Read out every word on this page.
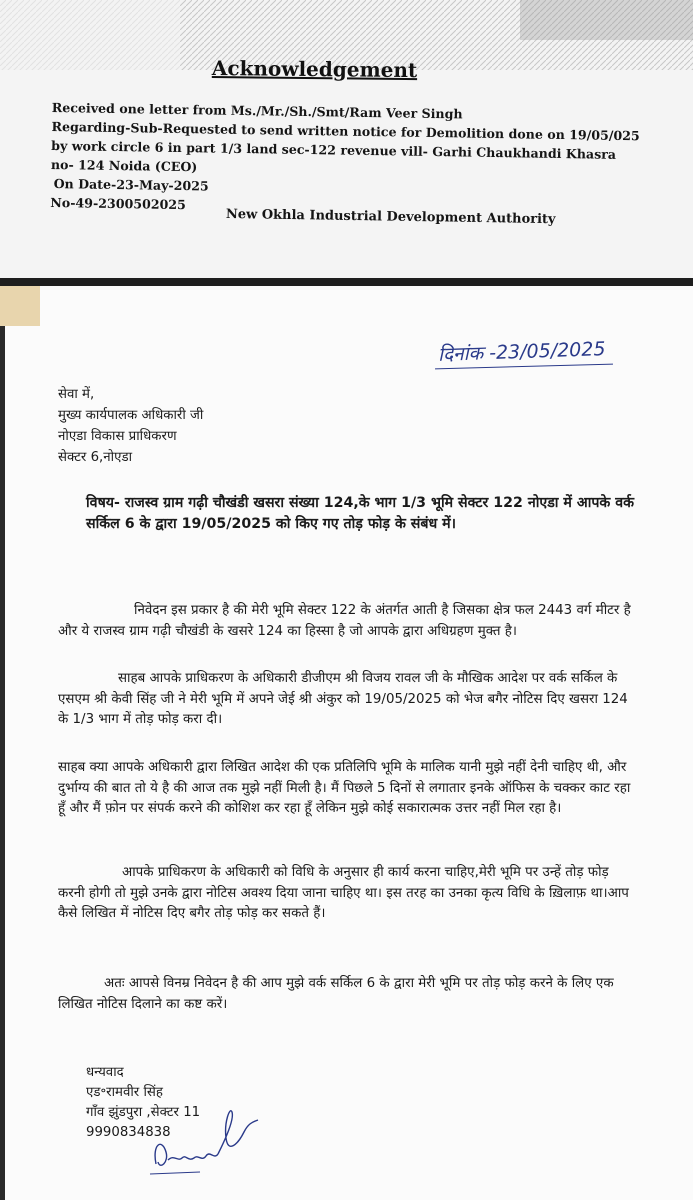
Acknowledgement
Received one letter from Ms./Mr./Sh./Smt/Ram Veer Singh
Regarding-Sub-Requested to send written notice for Demolition done on 19/05/025
by work circle 6 in part 1/3 land sec-122 revenue vill- Garhi Chaukhandi Khasra
no- 124 Noida (CEO)
On Date-23-May-2025
No-49-2300502025
New Okhla Industrial Development Authority
दिनांक -23/05/2025
सेवा में,
मुख्य कार्यपालक अधिकारी जी
नोएडा विकास प्राधिकरण
सेक्टर 6,नोएडा
विषय- राजस्व ग्राम गढ़ी चौखंडी खसरा संख्या 124,के भाग 1/3 भूमि सेक्टर 122 नोएडा में आपके वर्क सर्किल 6 के द्वारा 19/05/2025 को किए गए तोड़ फोड़ के संबंध में।
निवेदन इस प्रकार है की मेरी भूमि सेक्टर 122 के अंतर्गत आती है जिसका क्षेत्र फल 2443 वर्ग मीटर है और ये राजस्व ग्राम गढ़ी चौखंडी के खसरे 124 का हिस्सा है जो आपके द्वारा अधिग्रहण मुक्त है।
साहब आपके प्राधिकरण के अधिकारी डीजीएम श्री विजय रावल जी के मौखिक आदेश पर वर्क सर्किल के एसएम श्री केवी सिंह जी ने मेरी भूमि में अपने जेई श्री अंकुर को 19/05/2025 को भेज बगैर नोटिस दिए खसरा 124 के 1/3 भाग में तोड़ फोड़ करा दी।
साहब क्या आपके अधिकारी द्वारा लिखित आदेश की एक प्रतिलिपि भूमि के मालिक यानी मुझे नहीं देनी चाहिए थी, और दुर्भाग्य की बात तो ये है की आज तक मुझे नहीं मिली है। मैं पिछले 5 दिनों से लगातार इनके ऑफिस के चक्कर काट रहा हूँ और मैं फ़ोन पर संपर्क करने की कोशिश कर रहा हूँ लेकिन मुझे कोई सकारात्मक उत्तर नहीं मिल रहा है।
आपके प्राधिकरण के अधिकारी को विधि के अनुसार ही कार्य करना चाहिए,मेरी भूमि पर उन्हें तोड़ फोड़ करनी होगी तो मुझे उनके द्वारा नोटिस अवश्य दिया जाना चाहिए था। इस तरह का उनका कृत्य विधि के ख़िलाफ़ था।आप कैसे लिखित में नोटिस दिए बगैर तोड़ फोड़ कर सकते हैं।
अतः आपसे विनम्र निवेदन है की आप मुझे वर्क सर्किल 6 के द्वारा मेरी भूमि पर तोड़ फोड़ करने के लिए एक लिखित नोटिस दिलाने का कष्ट करें।
धन्यवाद
एड॰रामवीर सिंह
गाँव झुंडपुरा ,सेक्टर 11
9990834838
